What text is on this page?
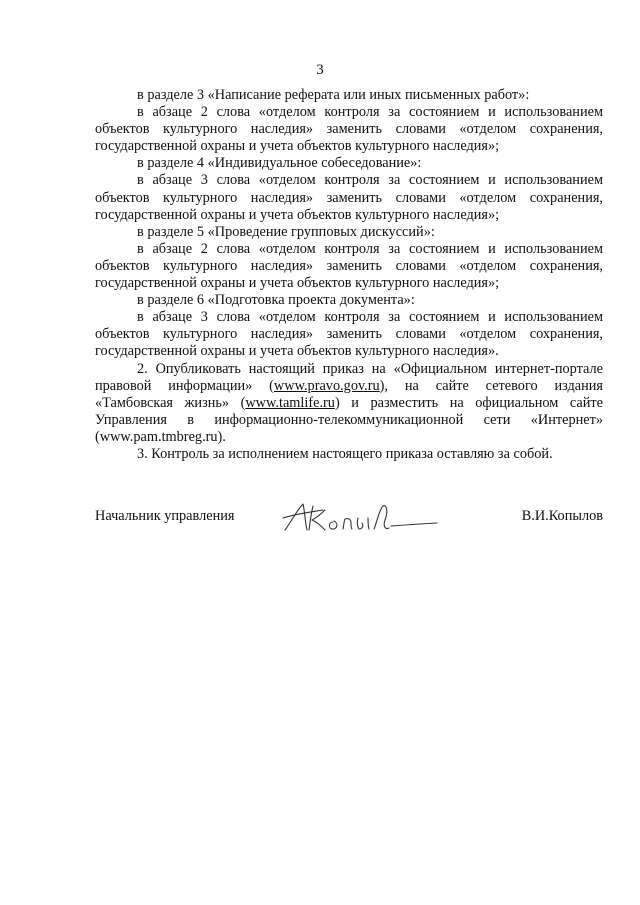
3

в разделе 3 «Написание реферата или иных письменных работ»:

в абзаце 2 слова «отделом контроля за состоянием и использованием объектов культурного наследия» заменить словами «отделом сохранения, государственной охраны и учета объектов культурного наследия»;

в разделе 4 «Индивидуальное собеседование»:

в абзаце 3 слова «отделом контроля за состоянием и использованием объектов культурного наследия» заменить словами «отделом сохранения, государственной охраны и учета объектов культурного наследия»;

в разделе 5 «Проведение групповых дискуссий»:

в абзаце 2 слова «отделом контроля за состоянием и использованием объектов культурного наследия» заменить словами «отделом сохранения, государственной охраны и учета объектов культурного наследия»;

в разделе 6 «Подготовка проекта документа»:

в абзаце 3 слова «отделом контроля за состоянием и использованием объектов культурного наследия» заменить словами «отделом сохранения, государственной охраны и учета объектов культурного наследия».

2. Опубликовать настоящий приказ на «Официальном интернет-портале правовой информации» (www.pravo.gov.ru), на сайте сетевого издания «Тамбовская жизнь» (www.tamlife.ru) и разместить на официальном сайте Управления в информационно-телекоммуникационной сети «Интернет» (www.pam.tmbreg.ru).

3. Контроль за исполнением настоящего приказа оставляю за собой.

Начальник управления	В.И.Копылов
